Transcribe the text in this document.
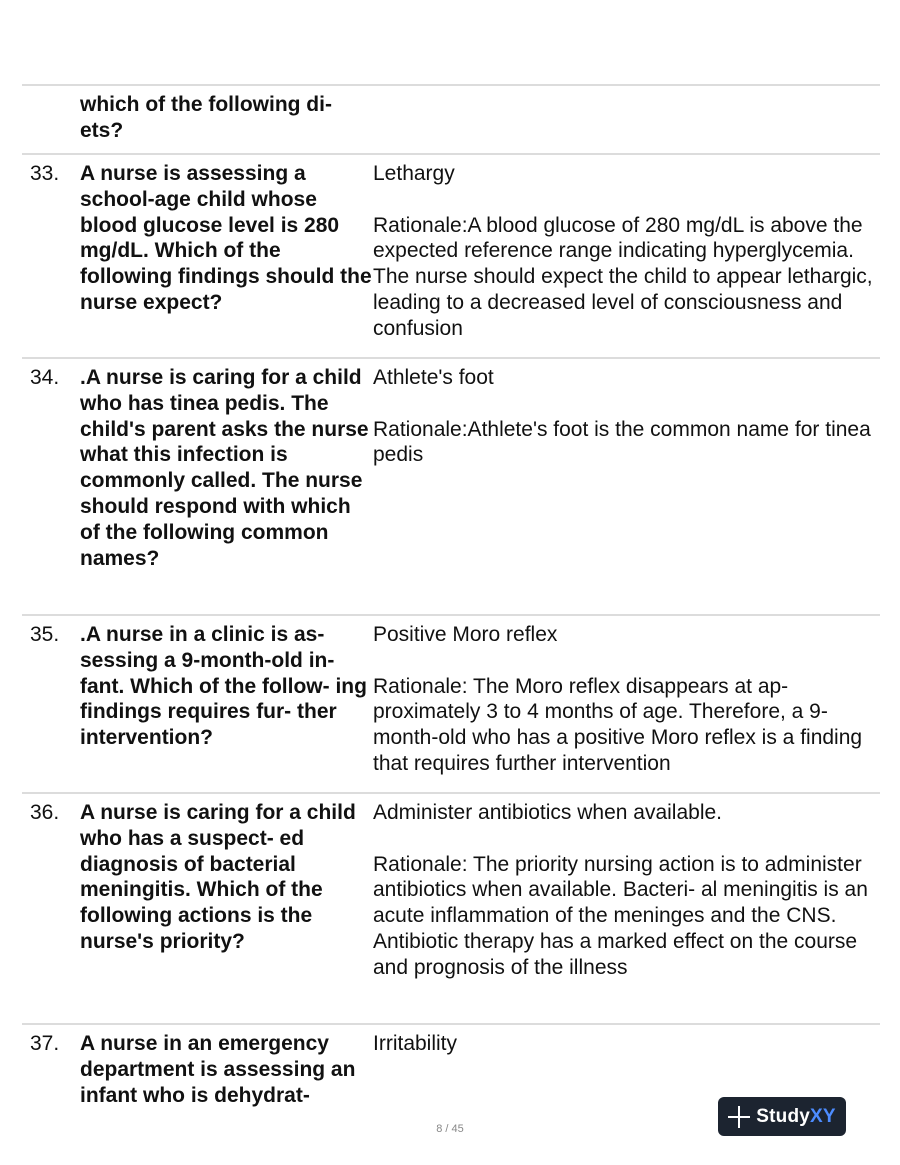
which of the following di-
ets?
33. A nurse is assessing a school-age child whose blood glucose level is 280 mg/dL. Which of the following findings should the nurse expect?
Lethargy
Rationale:A blood glucose of 280 mg/dL is above the expected reference range indicating hyperglycemia. The nurse should expect the child to appear lethargic, leading to a decreased level of consciousness and confusion
34. .A nurse is caring for a child who has tinea pedis. The child's parent asks the nurse what this infection is commonly called. The nurse should respond with which of the following common names?
Athlete's foot
Rationale:Athlete's foot is the common name for tinea pedis
35. .A nurse in a clinic is as- sessing a 9-month-old in- fant. Which of the follow- ing findings requires fur- ther intervention?
Positive Moro reflex
Rationale: The Moro reflex disappears at ap- proximately 3 to 4 months of age. Therefore, a 9-month-old who has a positive Moro reflex is a finding that requires further intervention
36. A nurse is caring for a child who has a suspect- ed diagnosis of bacterial meningitis. Which of the following actions is the nurse's priority?
Administer antibiotics when available.
Rationale: The priority nursing action is to administer antibiotics when available. Bacteri- al meningitis is an acute inflammation of the meninges and the CNS. Antibiotic therapy has a marked effect on the course and prognosis of the illness
37. A nurse in an emergency department is assessing an infant who is dehydrat-
Irritability
8 / 45
StudyXY
